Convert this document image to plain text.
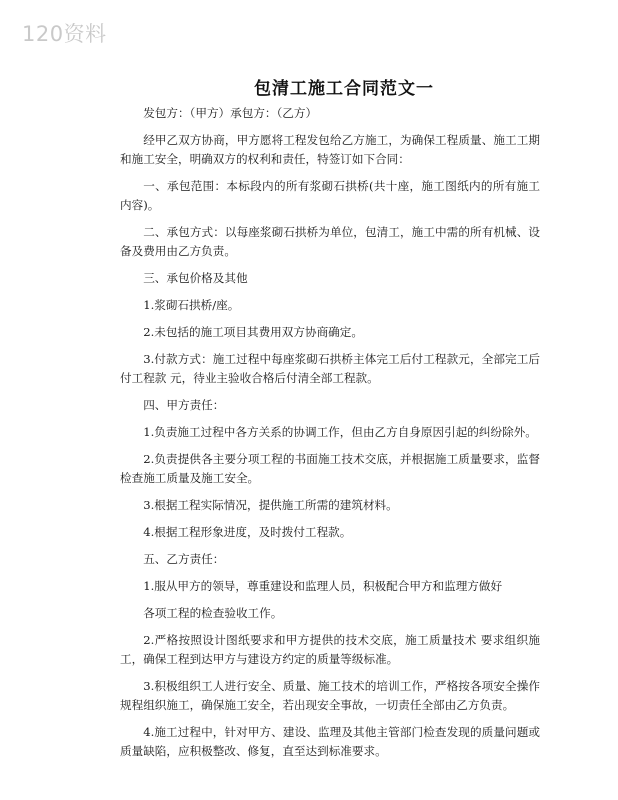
120资料
包清工施工合同范文一

发包方：（甲方）承包方：（乙方）

经甲乙双方协商，甲方愿将工程发包给乙方施工，为确保工程质量、施工工期和施工安全，明确双方的权利和责任，特签订如下合同：

一、承包范围：本标段内的所有浆砌石拱桥(共十座，施工图纸内的所有施工内容)。

二、承包方式：以每座浆砌石拱桥为单位，包清工，施工中需的所有机械、设备及费用由乙方负责。

三、承包价格及其他

1.浆砌石拱桥/座。

2.未包括的施工项目其费用双方协商确定。

3.付款方式：施工过程中每座浆砌石拱桥主体完工后付工程款元，全部完工后付工程款 元，待业主验收合格后付清全部工程款。

四、甲方责任：

1.负责施工过程中各方关系的协调工作，但由乙方自身原因引起的纠纷除外。

2.负责提供各主要分项工程的书面施工技术交底，并根据施工质量要求，监督检查施工质量及施工安全。

3.根据工程实际情况，提供施工所需的建筑材料。

4.根据工程形象进度，及时拨付工程款。

五、乙方责任：

1.服从甲方的领导，尊重建设和监理人员，积极配合甲方和监理方做好

各项工程的检查验收工作。

2.严格按照设计图纸要求和甲方提供的技术交底，施工质量技术 要求组织施工，确保工程到达甲方与建设方约定的质量等级标准。

3.积极组织工人进行安全、质量、施工技术的培训工作，严格按各项安全操作规程组织施工，确保施工安全，若出现安全事故，一切责任全部由乙方负责。

4.施工过程中，针对甲方、建设、监理及其他主管部门检查发现的质量问题或质量缺陷，应积极整改、修复，直至达到标准要求。
